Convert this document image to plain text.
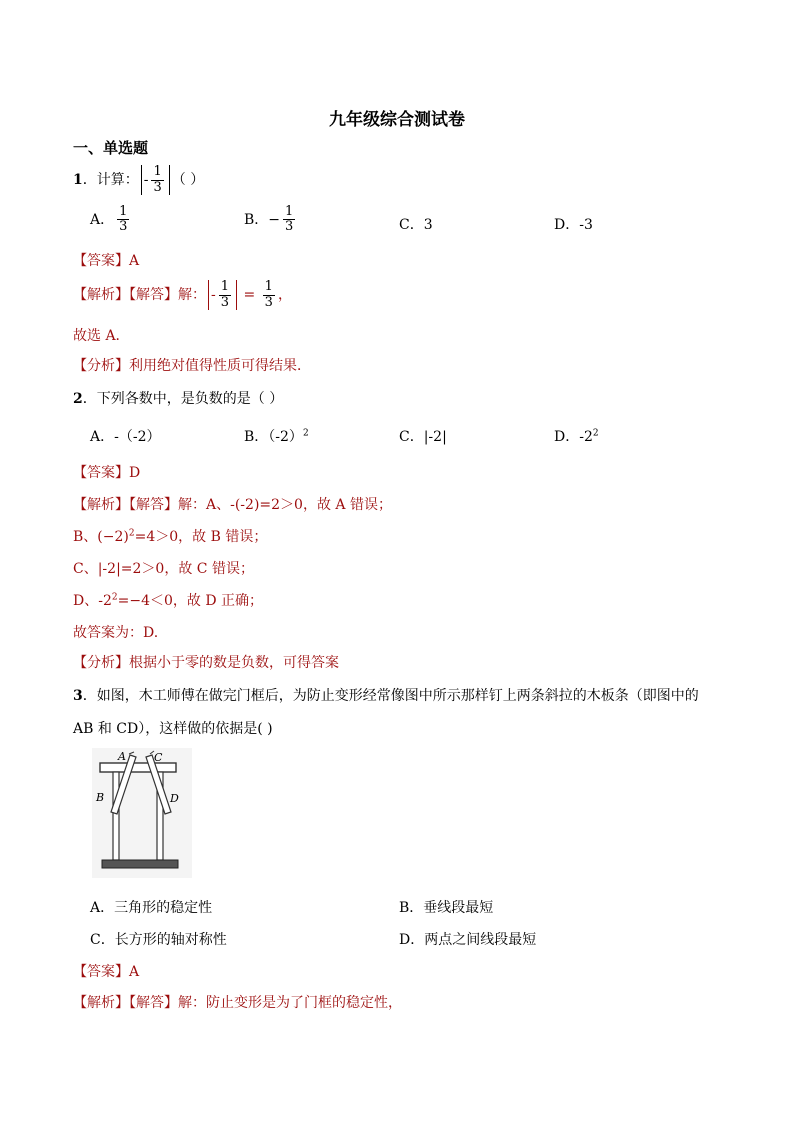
九年级综合测试卷
一、单选题
1．计算： - $\frac{1}{3}$ （ ）
A． $\frac{1}{3}$	B．− $\frac{1}{3}$	C．3	D．-3
【答案】A
【解析】【解答】解： - $\frac{1}{3} = \frac{1}{3}$ ，
故选 A．
【分析】利用绝对值得性质可得结果．
2．下列各数中，是负数的是（ ）
A．-（-2）	B．$(-2)^2$	C．|-2|	D．$-2^2$
【答案】D
【解析】【解答】解：A、-(-2)=2＞0，故 A 错误；
B、$(-2)^2=4>0$，故 B 错误；
C、|-2|=2＞0，故 C 错误；
D、$-2^2=-4<0$，故 D 正确；
故答案为：D.
【分析】根据小于零的数是负数，可得答案
3．如图，木工师傅在做完门框后，为防止变形经常像图中所示那样钉上两条斜拉的木板条（即图中的
AB 和 CD），这样做的依据是( )
A
B
C
D
A．三角形的稳定性	B．垂线段最短
C．长方形的轴对称性	D．两点之间线段最短
【答案】A
【解析】【解答】解：防止变形是为了门框的稳定性，
